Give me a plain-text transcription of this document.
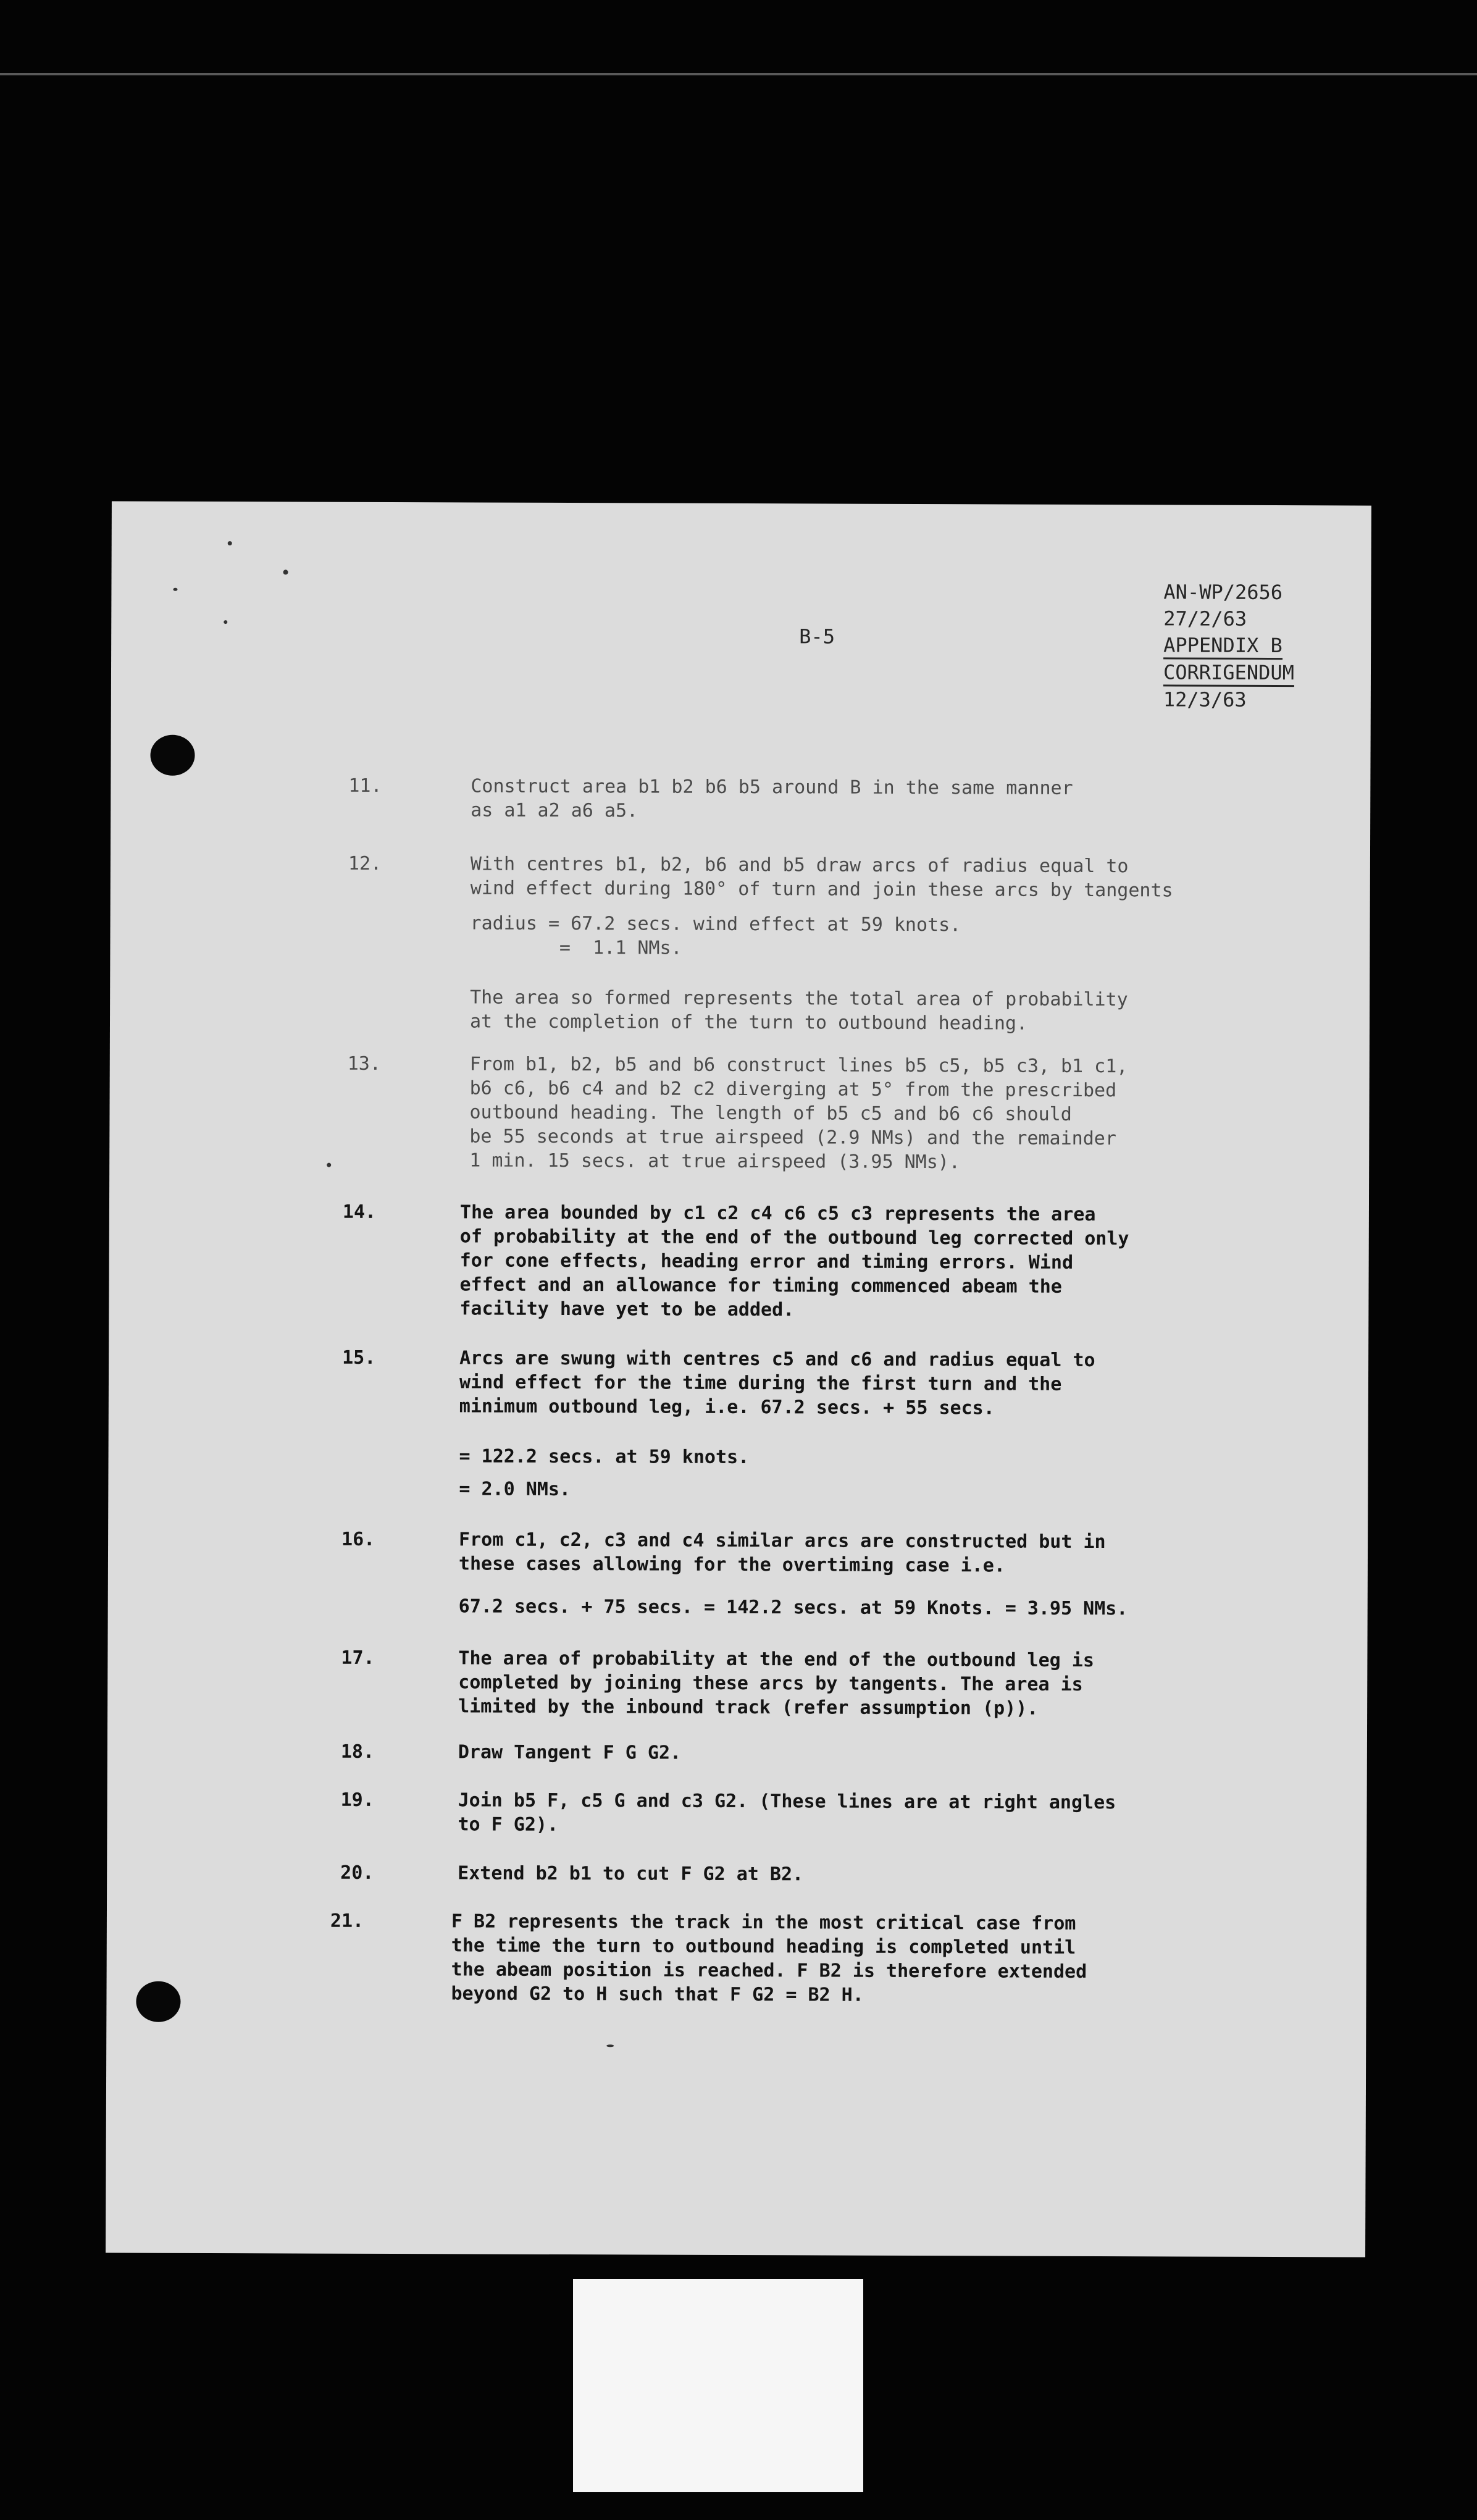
AN-WP/2656
27/2/63
APPENDIX B
CORRIGENDUM
12/3/63
B-5
11.	Construct area b1 b2 b6 b5 around B in the same manner

as a1 a2 a6 a5.

12.	With centres b1, b2, b6 and b5 draw arcs of radius equal to

wind effect during 180° of turn and join these arcs by tangents

radius = 67.2 secs. wind effect at 59 knots.

=  1.1 NMs.

The area so formed represents the total area of probability

at the completion of the turn to outbound heading.

13.	From b1, b2, b5 and b6 construct lines b5 c5, b5 c3, b1 c1,

b6 c6, b6 c4 and b2 c2 diverging at 5° from the prescribed

outbound heading. The length of b5 c5 and b6 c6 should

be 55 seconds at true airspeed (2.9 NMs) and the remainder

1 min. 15 secs. at true airspeed (3.95 NMs).

14.	The area bounded by c1 c2 c4 c6 c5 c3 represents the area

of probability at the end of the outbound leg corrected only

for cone effects, heading error and timing errors. Wind

effect and an allowance for timing commenced abeam the

facility have yet to be added.

15.	Arcs are swung with centres c5 and c6 and radius equal to

wind effect for the time during the first turn and the

minimum outbound leg, i.e. 67.2 secs. + 55 secs.

= 122.2 secs. at 59 knots.

= 2.0 NMs.

16.	From c1, c2, c3 and c4 similar arcs are constructed but in

these cases allowing for the overtiming case i.e.

67.2 secs. + 75 secs. = 142.2 secs. at 59 Knots. = 3.95 NMs.

17.	The area of probability at the end of the outbound leg is

completed by joining these arcs by tangents. The area is

limited by the inbound track (refer assumption (p)).

18.	Draw Tangent F G G2.

19.	Join b5 F, c5 G and c3 G2. (These lines are at right angles

to F G2).

20.	Extend b2 b1 to cut F G2 at B2.

21.	F B2 represents the track in the most critical case from

the time the turn to outbound heading is completed until

the abeam position is reached. F B2 is therefore extended

beyond G2 to H such that F G2 = B2 H.
